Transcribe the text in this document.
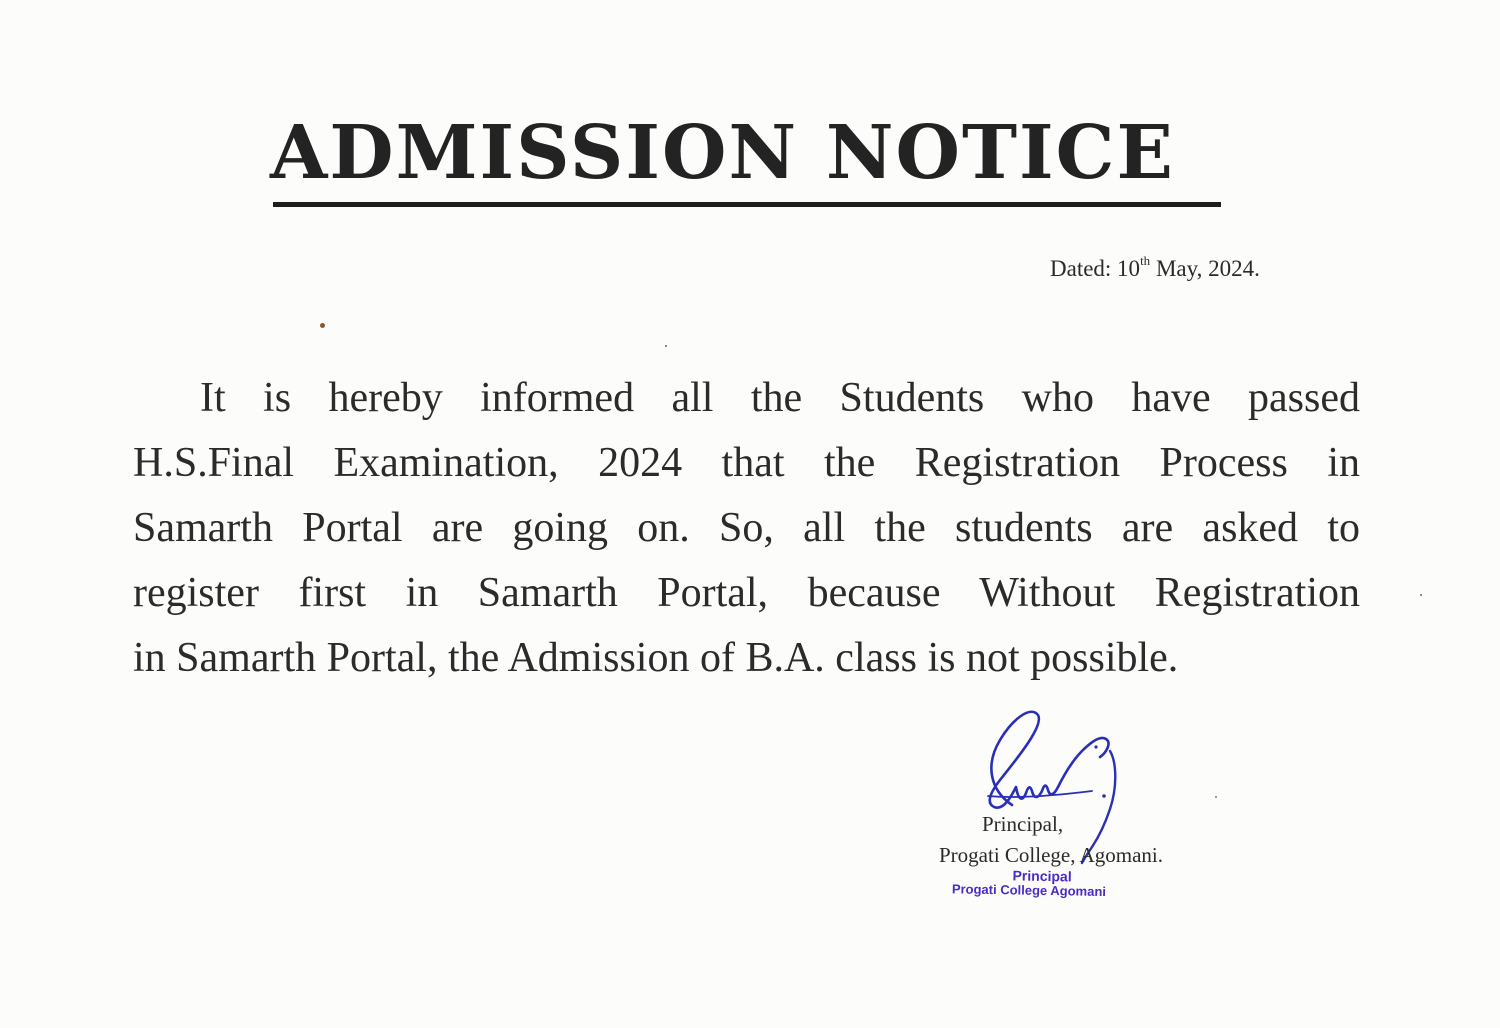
ADMISSION NOTICE
Dated: 10th May, 2024.

It is hereby informed all the Students who have passed
H.S.Final Examination, 2024 that the Registration Process in
Samarth Portal are going on. So, all the students are asked to
register first in Samarth Portal, because Without Registration
in Samarth Portal, the Admission of B.A. class is not possible.

Principal,
Progati College, Agomani.
Principal
Progati College Agomani
